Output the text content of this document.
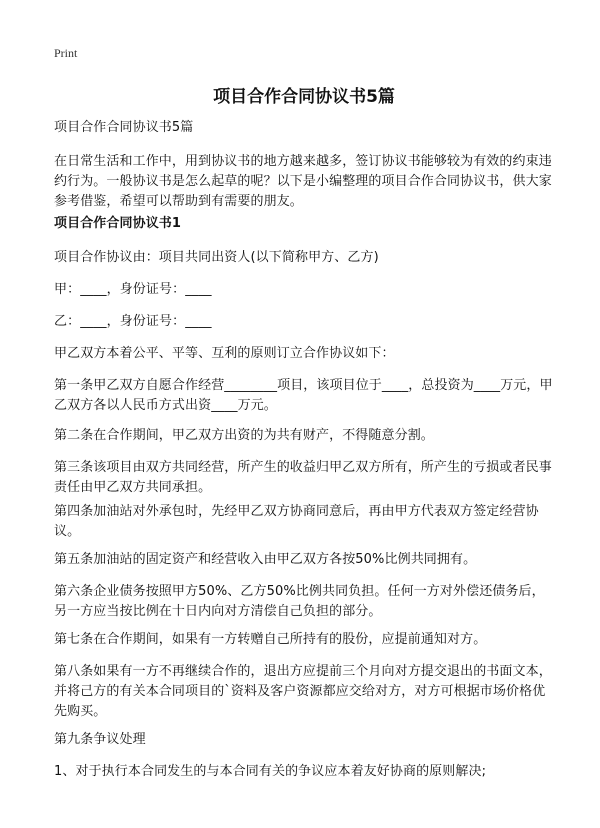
Print
项目合作合同协议书5篇

项目合作合同协议书5篇

在日常生活和工作中，用到协议书的地方越来越多，签订协议书能够较为有效的约束违约行为。一般协议书是怎么起草的呢？以下是小编整理的项目合作合同协议书，供大家参考借鉴，希望可以帮助到有需要的朋友。

项目合作合同协议书1

项目合作协议由：项目共同出资人(以下简称甲方、乙方)

甲：____，身份证号：____

乙：____，身份证号：____

甲乙双方本着公平、平等、互利的原则订立合作协议如下：

第一条甲乙双方自愿合作经营________项目，该项目位于____，总投资为____万元，甲乙双方各以人民币方式出资____万元。

第二条在合作期间，甲乙双方出资的为共有财产，不得随意分割。

第三条该项目由双方共同经营，所产生的收益归甲乙双方所有，所产生的亏损或者民事责任由甲乙双方共同承担。

第四条加油站对外承包时，先经甲乙双方协商同意后，再由甲方代表双方签定经营协议。

第五条加油站的固定资产和经营收入由甲乙双方各按50%比例共同拥有。

第六条企业债务按照甲方50%、乙方50%比例共同负担。任何一方对外偿还债务后，另一方应当按比例在十日内向对方清偿自己负担的部分。

第七条在合作期间，如果有一方转赠自己所持有的股份，应提前通知对方。

第八条如果有一方不再继续合作的，退出方应提前三个月向对方提交退出的书面文本，并将己方的有关本合同项目的`资料及客户资源都应交给对方，对方可根据市场价格优先购买。

第九条争议处理

1、对于执行本合同发生的与本合同有关的争议应本着友好协商的原则解决;
